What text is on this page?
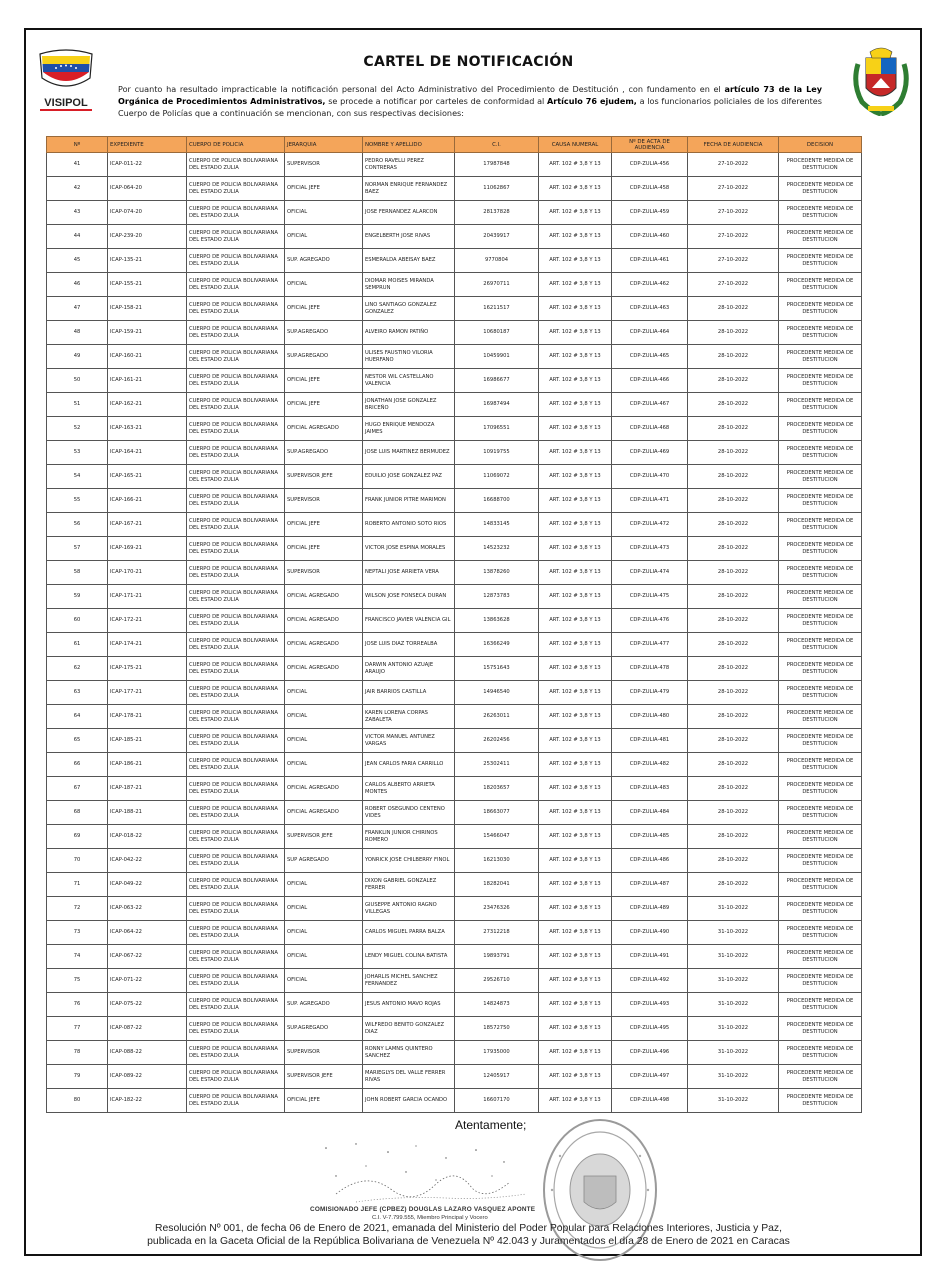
VISIPOL
CARTEL DE NOTIFICACIÓN
Por cuanto ha resultado impracticable la notificación personal del Acto Administrativo del Procedimiento de Destitución , con fundamento en el artículo 73 de la Ley Orgánica de Procedimientos Administrativos, se procede a notificar por carteles de conformidad al Artículo 76 ejudem, a los funcionarios policiales de los diferentes Cuerpo de Policías que a continuación se mencionan, con sus respectivas decisiones:
Nº	EXPEDIENTE	CUERPO DE POLICIA	JERARQUIA	NOMBRE Y APELLIDO	C.I.	CAUSA NUMERAL	Nº DE ACTA DE AUDIENCIA	FECHA DE AUDIENCIA	DECISION
41	ICAP-011-22	CUERPO DE POLICIA BOLIVARIANA DEL ESTADO ZULIA	SUPERVISOR	PEDRO RAVELLI PEREZ CONTRERAS	17987848	ART. 102 # 3,8 Y 13	CDP-ZULIA-456	27-10-2022	PROCEDENTE MEDIDA DE DESTITUCION
42	ICAP-064-20	CUERPO DE POLICIA BOLIVARIANA DEL ESTADO ZULIA	OFICIAL JEFE	NORMAN ENRIQUE FERNANDEZ BAEZ	11062867	ART. 102 # 3,8 Y 13	CDP-ZULIA-458	27-10-2022	PROCEDENTE MEDIDA DE DESTITUCION
43	ICAP-074-20	CUERPO DE POLICIA BOLIVARIANA DEL ESTADO ZULIA	OFICIAL	JOSE FERNANDEZ ALARCON	28137828	ART. 102 # 3,8 Y 13	CDP-ZULIA-459	27-10-2022	PROCEDENTE MEDIDA DE DESTITUCION
44	ICAP-239-20	CUERPO DE POLICIA BOLIVARIANA DEL ESTADO ZULIA	OFICIAL	ENGELBERTH JOSE RIVAS	20439917	ART. 102 # 3,8 Y 13	CDP-ZULIA-460	27-10-2022	PROCEDENTE MEDIDA DE DESTITUCION
45	ICAP-135-21	CUERPO DE POLICIA BOLIVARIANA DEL ESTADO ZULIA	SUP. AGREGADO	ESMERALDA ABEISAY BAEZ	9770804	ART. 102 # 3,8 Y 13	CDP-ZULIA-461	27-10-2022	PROCEDENTE MEDIDA DE DESTITUCION
46	ICAP-155-21	CUERPO DE POLICIA BOLIVARIANA DEL ESTADO ZULIA	OFICIAL	DIOMAR MOISES MIRANDA SEMPRUN	26970711	ART. 102 # 3,8 Y 13	CDP-ZULIA-462	27-10-2022	PROCEDENTE MEDIDA DE DESTITUCION
47	ICAP-158-21	CUERPO DE POLICIA BOLIVARIANA DEL ESTADO ZULIA	OFICIAL JEFE	LINO SANTIAGO GONZALEZ GONZALEZ	16211517	ART. 102 # 3,8 Y 13	CDP-ZULIA-463	28-10-2022	PROCEDENTE MEDIDA DE DESTITUCION
48	ICAP-159-21	CUERPO DE POLICIA BOLIVARIANA DEL ESTADO ZULIA	SUP.AGREGADO	ALVEIRO RAMON PATIÑO	10680187	ART. 102 # 3,8 Y 13	CDP-ZULIA-464	28-10-2022	PROCEDENTE MEDIDA DE DESTITUCION
49	ICAP-160-21	CUERPO DE POLICIA BOLIVARIANA DEL ESTADO ZULIA	SUP.AGREGADO	ULISES FAUSTINO VILORIA HUERFANO	10459901	ART. 102 # 3,8 Y 13	CDP-ZULIA-465	28-10-2022	PROCEDENTE MEDIDA DE DESTITUCION
50	ICAP-161-21	CUERPO DE POLICIA BOLIVARIANA DEL ESTADO ZULIA	OFICIAL JEFE	NESTOR WIL CASTELLANO VALENCIA	16986677	ART. 102 # 3,8 Y 13	CDP-ZULIA-466	28-10-2022	PROCEDENTE MEDIDA DE DESTITUCION
51	ICAP-162-21	CUERPO DE POLICIA BOLIVARIANA DEL ESTADO ZULIA	OFICIAL JEFE	JONATHAN JOSE GONZALEZ BRICEÑO	16987494	ART. 102 # 3,8 Y 13	CDP-ZULIA-467	28-10-2022	PROCEDENTE MEDIDA DE DESTITUCION
52	ICAP-163-21	CUERPO DE POLICIA BOLIVARIANA DEL ESTADO ZULIA	OFICIAL AGREGADO	HUGO ENRIQUE MENDOZA JAIMES	17096551	ART. 102 # 3,8 Y 13	CDP-ZULIA-468	28-10-2022	PROCEDENTE MEDIDA DE DESTITUCION
53	ICAP-164-21	CUERPO DE POLICIA BOLIVARIANA DEL ESTADO ZULIA	SUP.AGREGADO	JOSE LUIS MARTINEZ BERMUDEZ	10919755	ART. 102 # 3,8 Y 13	CDP-ZULIA-469	28-10-2022	PROCEDENTE MEDIDA DE DESTITUCION
54	ICAP-165-21	CUERPO DE POLICIA BOLIVARIANA DEL ESTADO ZULIA	SUPERVISOR JEFE	EDUILIO JOSE GONZALEZ PAZ	11069072	ART. 102 # 3,8 Y 13	CDP-ZULIA-470	28-10-2022	PROCEDENTE MEDIDA DE DESTITUCION
55	ICAP-166-21	CUERPO DE POLICIA BOLIVARIANA DEL ESTADO ZULIA	SUPERVISOR	FRANK JUNIOR PITRE MARIMON	16688700	ART. 102 # 3,8 Y 13	CDP-ZULIA-471	28-10-2022	PROCEDENTE MEDIDA DE DESTITUCION
56	ICAP-167-21	CUERPO DE POLICIA BOLIVARIANA DEL ESTADO ZULIA	OFICIAL JEFE	ROBERTO ANTONIO SOTO RIOS	14833145	ART. 102 # 3,8 Y 13	CDP-ZULIA-472	28-10-2022	PROCEDENTE MEDIDA DE DESTITUCION
57	ICAP-169-21	CUERPO DE POLICIA BOLIVARIANA DEL ESTADO ZULIA	OFICIAL JEFE	VICTOR JOSE ESPINA MORALES	14523232	ART. 102 # 3,8 Y 13	CDP-ZULIA-473	28-10-2022	PROCEDENTE MEDIDA DE DESTITUCION
58	ICAP-170-21	CUERPO DE POLICIA BOLIVARIANA DEL ESTADO ZULIA	SUPERVISOR	NEPTALI JOSE ARRIETA VERA	13878260	ART. 102 # 3,8 Y 13	CDP-ZULIA-474	28-10-2022	PROCEDENTE MEDIDA DE DESTITUCION
59	ICAP-171-21	CUERPO DE POLICIA BOLIVARIANA DEL ESTADO ZULIA	OFICIAL AGREGADO	WILSON JOSE FONSECA DURAN	12873783	ART. 102 # 3,8 Y 13	CDP-ZULIA-475	28-10-2022	PROCEDENTE MEDIDA DE DESTITUCION
60	ICAP-172-21	CUERPO DE POLICIA BOLIVARIANA DEL ESTADO ZULIA	OFICIAL AGREGADO	FRANCISCO JAVIER VALENCIA GIL	13863628	ART. 102 # 3,8 Y 13	CDP-ZULIA-476	28-10-2022	PROCEDENTE MEDIDA DE DESTITUCION
61	ICAP-174-21	CUERPO DE POLICIA BOLIVARIANA DEL ESTADO ZULIA	OFICIAL AGREGADO	JOSE LUIS DIAZ TORREALBA	16366249	ART. 102 # 3,8 Y 13	CDP-ZULIA-477	28-10-2022	PROCEDENTE MEDIDA DE DESTITUCION
62	ICAP-175-21	CUERPO DE POLICIA BOLIVARIANA DEL ESTADO ZULIA	OFICIAL AGREGADO	DARWIN ANTONIO AZUAJE ARAUJO	15751643	ART. 102 # 3,8 Y 13	CDP-ZULIA-478	28-10-2022	PROCEDENTE MEDIDA DE DESTITUCION
63	ICAP-177-21	CUERPO DE POLICIA BOLIVARIANA DEL ESTADO ZULIA	OFICIAL	JAIR BARRIOS CASTILLA	14946540	ART. 102 # 3,8 Y 13	CDP-ZULIA-479	28-10-2022	PROCEDENTE MEDIDA DE DESTITUCION
64	ICAP-178-21	CUERPO DE POLICIA BOLIVARIANA DEL ESTADO ZULIA	OFICIAL	KAREN LORENA CORPAS ZABALETA	26263011	ART. 102 # 3,8 Y 13	CDP-ZULIA-480	28-10-2022	PROCEDENTE MEDIDA DE DESTITUCION
65	ICAP-185-21	CUERPO DE POLICIA BOLIVARIANA DEL ESTADO ZULIA	OFICIAL	VICTOR MANUEL ANTUNEZ VARGAS	26202456	ART. 102 # 3,8 Y 13	CDP-ZULIA-481	28-10-2022	PROCEDENTE MEDIDA DE DESTITUCION
66	ICAP-186-21	CUERPO DE POLICIA BOLIVARIANA DEL ESTADO ZULIA	OFICIAL	JEAN CARLOS FARIA CARRILLO	25302411	ART. 102 # 3,8 Y 13	CDP-ZULIA-482	28-10-2022	PROCEDENTE MEDIDA DE DESTITUCION
67	ICAP-187-21	CUERPO DE POLICIA BOLIVARIANA DEL ESTADO ZULIA	OFICIAL AGREGADO	CARLOS ALBERTO ARRIETA MONTES	18203657	ART. 102 # 3,8 Y 13	CDP-ZULIA-483	28-10-2022	PROCEDENTE MEDIDA DE DESTITUCION
68	ICAP-188-21	CUERPO DE POLICIA BOLIVARIANA DEL ESTADO ZULIA	OFICIAL AGREGADO	ROBERT OSEGUNDO CENTENO VIDES	18663077	ART. 102 # 3,8 Y 13	CDP-ZULIA-484	28-10-2022	PROCEDENTE MEDIDA DE DESTITUCION
69	ICAP-018-22	CUERPO DE POLICIA BOLIVARIANA DEL ESTADO ZULIA	SUPERVISOR JEFE	FRANKLIN JUNIOR CHIRINOS ROMERO	15466047	ART. 102 # 3,8 Y 13	CDP-ZULIA-485	28-10-2022	PROCEDENTE MEDIDA DE DESTITUCION
70	ICAP-042-22	CUERPO DE POLICIA BOLIVARIANA DEL ESTADO ZULIA	SUP AGREGADO	YONRICK JOSE CHILBERRY FINOL	16213030	ART. 102 # 3,8 Y 13	CDP-ZULIA-486	28-10-2022	PROCEDENTE MEDIDA DE DESTITUCION
71	ICAP-049-22	CUERPO DE POLICIA BOLIVARIANA DEL ESTADO ZULIA	OFICIAL	DIXON GABRIEL GONZALEZ FERRER	18282041	ART. 102 # 3,8 Y 13	CDP-ZULIA-487	28-10-2022	PROCEDENTE MEDIDA DE DESTITUCION
72	ICAP-063-22	CUERPO DE POLICIA BOLIVARIANA DEL ESTADO ZULIA	OFICIAL	GIUSEPPE ANTONIO RAGNO VILLEGAS	23476326	ART. 102 # 3,8 Y 13	CDP-ZULIA-489	31-10-2022	PROCEDENTE MEDIDA DE DESTITUCION
73	ICAP-064-22	CUERPO DE POLICIA BOLIVARIANA DEL ESTADO ZULIA	OFICIAL	CARLOS MIGUEL PARRA BALZA	27312218	ART. 102 # 3,8 Y 13	CDP-ZULIA-490	31-10-2022	PROCEDENTE MEDIDA DE DESTITUCION
74	ICAP-067-22	CUERPO DE POLICIA BOLIVARIANA DEL ESTADO ZULIA	OFICIAL	LENDY MIGUEL COLINA BATISTA	19893791	ART. 102 # 3,8 Y 13	CDP-ZULIA-491	31-10-2022	PROCEDENTE MEDIDA DE DESTITUCION
75	ICAP-071-22	CUERPO DE POLICIA BOLIVARIANA DEL ESTADO ZULIA	OFICIAL	JOHARLIS MICHEL SANCHEZ FERNANDEZ	29526710	ART. 102 # 3,8 Y 13	CDP-ZULIA-492	31-10-2022	PROCEDENTE MEDIDA DE DESTITUCION
76	ICAP-075-22	CUERPO DE POLICIA BOLIVARIANA DEL ESTADO ZULIA	SUP. AGREGADO	JESUS ANTONIO MAVO ROJAS	14824873	ART. 102 # 3,8 Y 13	CDP-ZULIA-493	31-10-2022	PROCEDENTE MEDIDA DE DESTITUCION
77	ICAP-087-22	CUERPO DE POLICIA BOLIVARIANA DEL ESTADO ZULIA	SUP.AGREGADO	WILFREDO BENITO GONZALEZ DIAZ	18572750	ART. 102 # 3,8 Y 13	CDP-ZULIA-495	31-10-2022	PROCEDENTE MEDIDA DE DESTITUCION
78	ICAP-088-22	CUERPO DE POLICIA BOLIVARIANA DEL ESTADO ZULIA	SUPERVISOR	RONNY LAMNS QUINTERO SANCHEZ	17935000	ART. 102 # 3,8 Y 13	CDP-ZULIA-496	31-10-2022	PROCEDENTE MEDIDA DE DESTITUCION
79	ICAP-089-22	CUERPO DE POLICIA BOLIVARIANA DEL ESTADO ZULIA	SUPERVISOR JEFE	MARIEGLYS DEL VALLE FERRER RIVAS	12405917	ART. 102 # 3,8 Y 13	CDP-ZULIA-497	31-10-2022	PROCEDENTE MEDIDA DE DESTITUCION
80	ICAP-182-22	CUERPO DE POLICIA BOLIVARIANA DEL ESTADO ZULIA	OFICIAL JEFE	JOHN ROBERT GARCIA OCANDO	16607170	ART. 102 # 3,8 Y 13	CDP-ZULIA-498	31-10-2022	PROCEDENTE MEDIDA DE DESTITUCION
Atentamente;
COMISIONADO JEFE (CPBEZ) DOUGLAS LAZARO VASQUEZ APONTE
C.I. V-7.799.555, Miembro Principal y Vocero
Resolución Nº 001, de fecha 06 de Enero de 2021, emanada del Ministerio del Poder Popular para Relaciones Interiores, Justicia y Paz,
publicada en la Gaceta Oficial de la República Bolivariana de Venezuela Nº 42.043 y Juramentados el día 28 de Enero de 2021 en Caracas
